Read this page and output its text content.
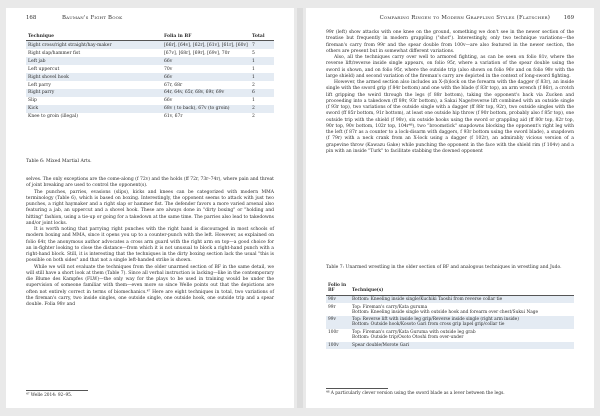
168	Bauman's Fight Book
Technique	Folia in BF	Total
Right cross/right straight/hay-maker	[66r], [64v], [62r], [61v], [61r], [60v]	7
Right slap/hammer fist	[67v], [68r], [69r], [69v], 70r	5
Left jab	66v	1
Left uppercut	70v	1
Right shovel hook	66v	1
Left parry	67r, 68r	2
Right parry	64r, 64v, 65r, 68v, 69r, 69v	6
Slip	66v	1
Kick	68v ( to back), 67v (to groin)	2
Knee to groin (illegal)	61v, 67r	2
Table 6: Mixed Martial Arts.

selves. The only exceptions are the come-along (f 72v) and the holds (ff 72r, 73r–74r), where pain and threat of joint breaking are used to control the opponent(s).

The punches, parries, evasions (slips), kicks and knees can be categorized with modern MMA terminology (Table 6), which is based on boxing. Interestingly, the opponent seems to attack with just two punches, a right haymaker and a right slap or hammer fist. The defender favors a more varied arsenal also featuring a jab, an uppercut and a shovel hook. These are always done in "dirty boxing" or "holding and hitting" fashion, using a tie-up or going for a takedown at the same time. The parries also lead to takedowns and/or joint locks.

It is worth noting that parrying right punches with the right hand is discouraged in most schools of modern boxing and MMA, since it opens you up to a counter-punch with the left. However, as explained on folio 64r, the anonymous author advocates a cross arm guard with the right arm on top—a good choice for an in-fighter looking to close the distance—from which it is not unusual to block a right-hand punch with a right-hand block. Still, it is interesting that the techniques in the dirty boxing section lack the usual "this is possible on both sides" and that not a single left-handed strike is shown.

While we will not evaluate the techniques from the older unarmed section of BF in the same detail, we will still have a short look at them (Table 7). Since all verbal instruction is lacking—like in the contemporary die Blume des Kampfes (FLW)—the only way for the plays to be used in training would be under the supervision of someone familiar with them—even more so since Welle points out that the depictions are often not entirely correct in terms of biomechanics.⁴⁷ Here are eight techniques in total, two variations of the fireman's carry, two inside singles, one outside single, one outside hook, one outside trip and a spear double. Folia 98v and

⁴⁷ Welle 2014: 92–95.
Comparing Ringen to Modern Grappling Styles (Flatscher)	169

99r (left) show attacks with one knee on the ground, something we don't see in the newer section of the treatise but frequently in modern grappling ("shot"). Interestingly, only two technique variations—the fireman's carry from 99r and the spear double from 100v—are also featured in the newer section, the others are present but in somewhat different variations.

Also, all the techniques carry over well to armored fighting, as can be seen on folio 81v, where the reverse lift/reverse inside single appears, on folio 95r, where a variation of the spear double using the sword is shown, and on folio 95r, where the outside trip (also shown on folio 96v and on folio 98v with the large shield) and second variation of the fireman's carry are depicted in the context of long-sword fighting.

However, the armed section also includes an X-(b)lock on the forearm with the dagger (f 83r), an inside single with the sword grip (f 84r bottom) and one with the blade (f 83r top), an arm wrench (f 86r), a crotch lift gripping the weird through the legs (f 88r bottom), taking the opponent's back via Zucken and proceeding into a takedown (ff 89r, 93r bottom), a Sakai Nage/reverse lift combined with an outside single (f 93r top), two variations of the outside single with a dagger (ff 88r top, 92r), two outside singles with the sword (ff 85r bottom, 91r bottom), at least one outside hip throw (f 90r bottom, probably also f 85r top), one outside trip with the shield (f 98v), six outside hooks using the sword or grappling aid (ff 80r top, 82r top, 90r top, 90v bottom, 102r top, 104r⁴⁸), two "broomstick" snapdowns blocking the opponent's right leg with the left (f 87r as a counter to a lock-disarm with daggers, f 93r bottom using the sword blade), a snapdown (f 79r) with a neck crank from an X-lock using a dagger (f 102r), an admirably vicious version of a grapevine throw (Kawazu Gake) while punching the opponent in the face with the shield rim (f 104v) and a pin with an inside "Turk" to facilitate stabbing the downed opponent

Table 7: Unarmed wrestling in the older section of BF and analogous techniques in wrestling and Judo.
Folio in BF	Technique(s)
98v	Bottom: Kneeling inside single/Kuchiki Taoshi from reverse collar tie

99r	Top: Fireman's carry/Kata guruma
Bottom: Kneeling inside single with outside hook and forearm over chest/Sukui Nage

99v	Top: Reverse lift with inside leg grip/Reverse inside single (right arm inside)
Bottom: Outside hook/Kosoto Gari from cross grip lapel grip/collar tie

100r	Top: Fireman's carry/Kata Guruma with outside leg grab
Bottom: Outside trip/Osoto Otoshi from over-under

100v	Spear double/Morote Gari
⁴⁸ A particularly clever version using the sword blade as a lever between the legs.
